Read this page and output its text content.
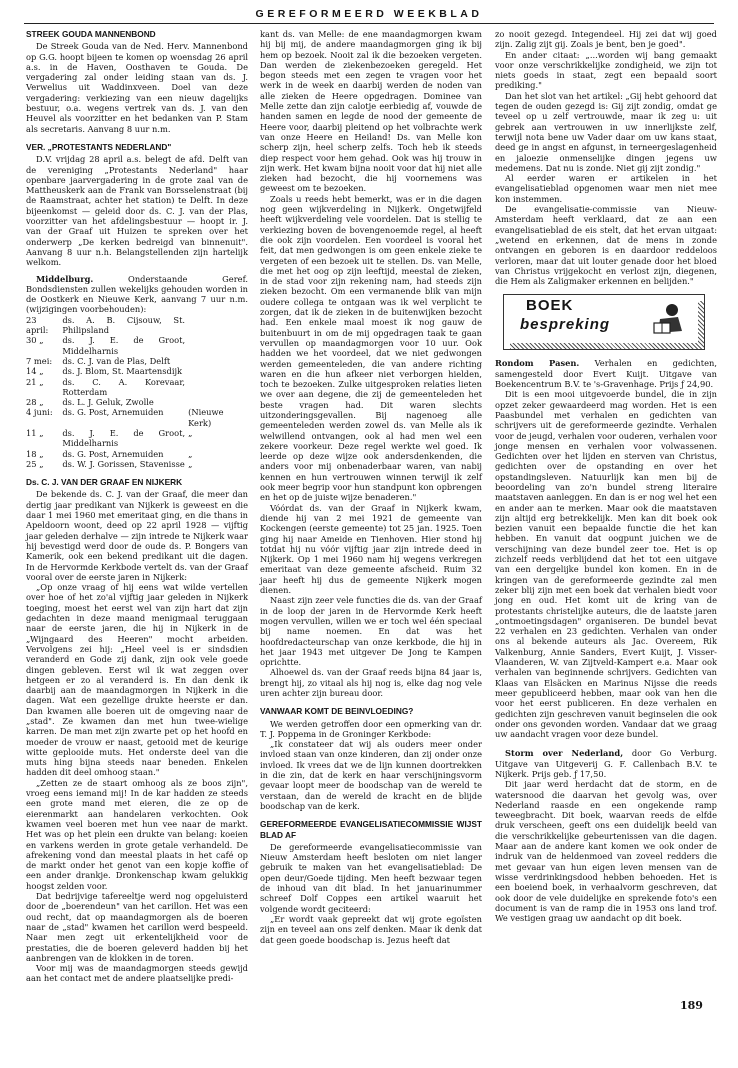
GEREFORMEERD WEEKBLAD
STREEK GOUDA MANNENBOND

De Streek Gouda van de Ned. Herv. Mannenbond op G.G. hoopt bijeen te komen op woensdag 26 april a.s. in de Haven, Oosthaven te Gouda. De vergadering zal onder leiding staan van ds. J. Verwelius uit Waddinxveen. Doel van deze vergadering: verkiezing van een nieuw dagelijks bestuur, o.a. wegens vertrek van ds. J. van den Heuvel als voorzitter en het bedanken van P. Stam als secretaris. Aanvang 8 uur n.m.

VER. „PROTESTANTS NEDERLAND"

D.V. vrijdag 28 april a.s. belegt de afd. Delft van de vereniging „Protestants Nederland" haar openbare jaarvergadering in de grote zaal van de Mattheuskerk aan de Frank van Borsselenstraat (bij de Raamstraat, achter het station) te Delft. In deze bijeenkomst — geleid door ds. C. J. van der Plas, voorzitter van het afdelingsbestuur — hoopt ir. J. van der Graaf uit Huizen te spreken over het onderwerp „De kerken bedreigd van binnenuit". Aanvang 8 uur n.h. Belangstellenden zijn hartelijk welkom.

Middelburg. Onderstaande Geref. Bondsdiensten zullen wekelijks gehouden worden in de Oostkerk en Nieuwe Kerk, aanvang 7 uur n.m. (wijzigingen voorbehouden):

23 april:	ds. A. B. Cijsouw, St. Philipsland	
30 „	ds. J. E. de Groot, Middelharnis	
7 mei:	ds. C. J. van de Plas, Delft	
14 „	ds. J. Blom, St. Maartensdijk	
21 „	ds. C. A. Korevaar, Rotterdam	
28 „	ds. L. J. Geluk, Zwolle	
4 juni:	ds. G. Post, Arnemuiden	(Nieuwe Kerk)
11 „	ds. J. E. de Groot, Middelharnis	„
18 „	ds. G. Post, Arnemuiden	„
25 „	ds. W. J. Gorissen, Stavenisse	„
Ds. C. J. VAN DER GRAAF EN NIJKERK

De bekende ds. C. J. van der Graaf, die meer dan dertig jaar predikant van Nijkerk is geweest en die daar 1 mei 1960 met emeritaat ging, en die thans in Apeldoorn woont, deed op 22 april 1928 — vijftig jaar geleden derhalve — zijn intrede te Nijkerk waar hij bevestigd werd door de oude ds. P. Bongers van Kamerik, ook een bekend predikant uit die dagen. In de Hervormde Kerkbode vertelt ds. van der Graaf vooral over de eerste jaren in Nijkerk:

„Op onze vraag of hij eens wat wilde vertellen over hoe of het zo'al vijftig jaar geleden in Nijkerk toeging, moest het eerst wel van zijn hart dat zijn gedachten in deze maand menigmaal teruggaan naar de eerste jaren, die hij in Nijkerk in de „Wijngaard des Heeren" mocht arbeiden. Vervolgens zei hij: „Heel veel is er sindsdien veranderd en Gode zij dank, zijn ook vele goede dingen gebleven. Eerst wil ik wat zeggen over hetgeen er zo al veranderd is. En dan denk ik daarbij aan de maandagmorgen in Nijkerk in die dagen. Wat een gezellige drukte heerste er dan. Dan kwamen alle boeren uit de omgeving naar de „stad". Ze kwamen dan met hun twee-wielige karren. De man met zijn zwarte pet op het hoofd en moeder de vrouw er naast, getooid met de keurige witte geplooide muts. Het onderste deel van die muts hing bijna steeds naar beneden. Enkelen hadden dit deel omhoog staan."

„Zetten ze de staart omhoog als ze boos zijn", vroeg eens iemand mij! In de kar hadden ze steeds een grote mand met eieren, die ze op de eierenmarkt aan handelaren verkochten. Ook kwamen veel boeren met hun vee naar de markt. Het was op het plein een drukte van belang: koeien en varkens werden in grote getale verhandeld. De afrekening vond dan meestal plaats in het café op de markt onder het genot van een kopje koffie of een ander drankje. Dronkenschap kwam gelukkig hoogst zelden voor.

Dat bedrijvige tafereeltje werd nog opgeluisterd door de „boerendeun" van het carillon. Het was een oud recht, dat op maandagmorgen als de boeren naar de „stad" kwamen het carillon werd bespeeld. Naar men zegt uit erkentelijkheid voor de prestaties, die de boeren geleverd hadden bij het aanbrengen van de klokken in de toren.

Voor mij was de maandagmorgen steeds gewijd aan het contact met de andere plaatselijke predi-

kant ds. van Melle: de ene maandagmorgen kwam hij bij mij, de andere maandagmorgen ging ik bij hem op bezoek. Nooit zal ik die bezoeken vergeten. Dan werden de ziekenbezoeken geregeld. Het begon steeds met een zegen te vragen voor het werk in de week en daarbij werden de noden van alle zieken de Heere opgedragen. Dominee van Melle zette dan zijn calotje eerbiedig af, vouwde de handen samen en legde de nood der gemeente de Heere voor, daarbij pleitend op het volbrachte werk van onze Heere en Heiland! Ds. van Melle kon scherp zijn, heel scherp zelfs. Toch heb ik steeds diep respect voor hem gehad. Ook was hij trouw in zijn werk. Het kwam bijna nooit voor dat hij niet alle zieken had bezocht, die hij voornemens was geweest om te bezoeken.

Zoals u reeds hebt bemerkt, was er in die dagen nog geen wijkverdeling in Nijkerk. Ongetwijfeld heeft wijkverdeling vele voordelen. Dat is stellig te verkiezing boven de bovengenoemde regel, al heeft die ook zijn voordelen. Een voordeel is vooral het feit, dat men gedwongen is om geen enkele zieke te vergeten of een bezoek uit te stellen. Ds. van Melle, die met het oog op zijn leeftijd, meestal de zieken, in de stad voor zijn rekening nam, had steeds zijn zieken bezocht. Om een vermanende blik van mijn oudere collega te ontgaan was ik wel verplicht te zorgen, dat ik de zieken in de buitenwijken bezocht had. Een enkele maal moest ik nog gauw de buitenbuurt in om de mij opgedragen taak te gaan vervullen op maandagmorgen voor 10 uur. Ook hadden we het voordeel, dat we niet gedwongen werden gemeenteleden, die van andere richting waren en die hun afkeer niet verborgen hielden, toch te bezoeken. Zulke uitgesproken relaties lieten we over aan degene, die zij de gemeenteleden het beste vragen had. Dit waren slechts uitzonderingsgevallen. Bij nagenoeg alle gemeenteleden werden zowel ds. van Melle als ik welwillend ontvangen, ook al had men wel een zekere voorkeur. Deze regel werkte wel goed. Ik leerde op deze wijze ook andersdenkenden, die anders voor mij onbenaderbaar waren, van nabij kennen en hun vertrouwen winnen terwijl ik zelf ook meer begrip voor hun standpunt kon opbrengen en het op de juiste wijze benaderen."

Vóórdat ds. van der Graaf in Nijkerk kwam, diende hij van 2 mei 1921 de gemeente van Kockengen (eerste gemeente) tot 25 jan. 1925. Toen ging hij naar Ameide en Tienhoven. Hier stond hij totdat hij nu vóór vijftig jaar zijn intrede deed in Nijkerk. Op 1 mei 1960 nam hij wegens verkregen emeritaat van deze gemeente afscheid. Ruim 32 jaar heeft hij dus de gemeente Nijkerk mogen dienen.

Naast zijn zeer vele functies die ds. van der Graaf in de loop der jaren in de Hervormde Kerk heeft mogen vervullen, willen we er toch wel één speciaal bij name noemen. En dat was het hoofdredacteurschap van onze kerkbode, die hij in het jaar 1943 met uitgever De Jong te Kampen oprichtte.

Alhoewel ds. van der Graaf reeds bijna 84 jaar is, brengt hij, zo vitaal als hij nog is, elke dag nog vele uren achter zijn bureau door.

VANWAAR KOMT DE BEINVLOEDING?

We werden getroffen door een opmerking van dr. T. J. Poppema in de Groninger Kerkbode:

„Ik constateer dat wij als ouders meer onder invloed staan van onze kinderen, dan zij onder onze invloed. Ik vrees dat we de lijn kunnen doortrekken in die zin, dat de kerk en haar verschijningsvorm gevaar loopt meer de boodschap van de wereld te verstaan, dan de wereld de kracht en de blijde boodschap van de kerk.

GEREFORMEERDE EVANGELISATIECOMMISSIE WIJST BLAD AF

De gereformeerde evangelisatiecommissie van Nieuw Amsterdam heeft besloten om niet langer gebruik te maken van het evangelisatieblad: De open deur/Goede tijding. Men heeft bezwaar tegen de inhoud van dit blad. In het januarinummer schreef Dolf Coppes een artikel waaruit het volgende wordt geciteerd:

„Er wordt vaak gepreekt dat wij grote egoïsten zijn en teveel aan ons zelf denken. Maar ik denk dat dat geen goede boodschap is. Jezus heeft dat

zo nooit gezegd. Integendeel. Hij zei dat wij goed zijn. Zalig zijt gij. Zoals je bent, ben je goed".

En ander citaat: „...worden wij bang gemaakt voor onze verschrikkelijke zondigheid, we zijn tot niets goeds in staat, zegt een bepaald soort prediking."

Dan het slot van het artikel: „Gij hebt gehoord dat tegen de ouden gezegd is: Gij zijt zondig, omdat ge teveel op u zelf vertrouwde, maar ik zeg u: uit gebrek aan vertrouwen in uw innerlijkste zelf, terwijl nota bene uw Vader daar om uw kans staat, deed ge in angst en afgunst, in terneergeslagenheid en jaloezie onmenselijke dingen jegens uw medemens. Dat nu is zonde. Niet gij zijt zondig."

Al eerder waren er artikelen in het evangelisatieblad opgenomen waar men niet mee kon instemmen.

De evangelisatie-commissie van Nieuw-Amsterdam heeft verklaard, dat ze aan een evangelisatieblad de eis stelt, dat het ervan uitgaat: „wetend en erkennen, dat de mens in zonde ontvangen en geboren is en daardoor reddeloos verloren, maar dat uit louter genade door het bloed van Christus vrijgekocht en verlost zijn, diegenen, die Hem als Zaligmaker erkennen en belijden."

BOEK
bespreking

Rondom Pasen. Verhalen en gedichten, samengesteld door Evert Kuijt. Uitgave van Boekencentrum B.V. te 's-Gravenhage. Prijs ƒ 24,90.

Dit is een mooi uitgevoerde bundel, die in zijn opzet zeker gewaardeerd mag worden. Het is een Paasbundel met verhalen en gedichten van schrijvers uit de gereformeerde gezindte. Verhalen voor de jeugd, verhalen voor ouderen, verhalen voor jonge mensen en verhalen voor volwassenen. Gedichten over het lijden en sterven van Christus, gedichten over de opstanding en over het opstandingsleven. Natuurlijk kan men bij de beoordeling van zo'n bundel streng literaire maatstaven aanleggen. En dan is er nog wel het een en ander aan te merken. Maar ook die maatstaven zijn altijd erg betrekkelijk. Men kan dit boek ook bezien vanuit een bepaalde functie die het kan hebben. En vanuit dat oogpunt juichen we de verschijning van deze bundel zeer toe. Het is op zichzelf reeds verblijdend dat het tot een uitgave van een dergelijke bundel kon komen. En in de kringen van de gereformeerde gezindte zal men zeker blij zijn met een boek dat verhalen biedt voor jong en oud. Het komt uit de kring van de protestants christelijke auteurs, die de laatste jaren „ontmoetingsdagen" organiseren. De bundel bevat 22 verhalen en 23 gedichten. Verhalen van onder ons al bekende auteurs als Jac. Overeem, Rik Valkenburg, Annie Sanders, Evert Kuijt, J. Visser-Vlaanderen, W. van Zijtveld-Kampert e.a. Maar ook verhalen van beginnende schrijvers. Gedichten van Klaas van Elsäcken en Marinus Nijsse die reeds meer gepubliceerd hebben, maar ook van hen die voor het eerst publiceren. En deze verhalen en gedichten zijn geschreven vanuit beginselen die ook onder ons gevonden worden. Vandaar dat we graag uw aandacht vragen voor deze bundel.

Storm over Nederland, door Go Verburg. Uitgave van Uitgeverij G. F. Callenbach B.V. te Nijkerk. Prijs geb. ƒ 17,50.

Dit jaar werd herdacht dat de storm, en de watersnood die daarvan het gevolg was, over Nederland raasde en een ongekende ramp teweegbracht. Dit boek, waarvan reeds de elfde druk verscheen, geeft ons een duidelijk beeld van die verschrikkelijke gebeurtenissen van die dagen. Maar aan de andere kant komen we ook onder de indruk van de heldenmoed van zoveel redders die met gevaar van hun eigen leven mensen van de wisse verdrinkingsdood hebben behoeden. Het is een boeiend boek, in verhaalvorm geschreven, dat ook door de vele duidelijke en sprekende foto's een document is van de ramp die in 1953 ons land trof. We vestigen graag uw aandacht op dit boek.

189
